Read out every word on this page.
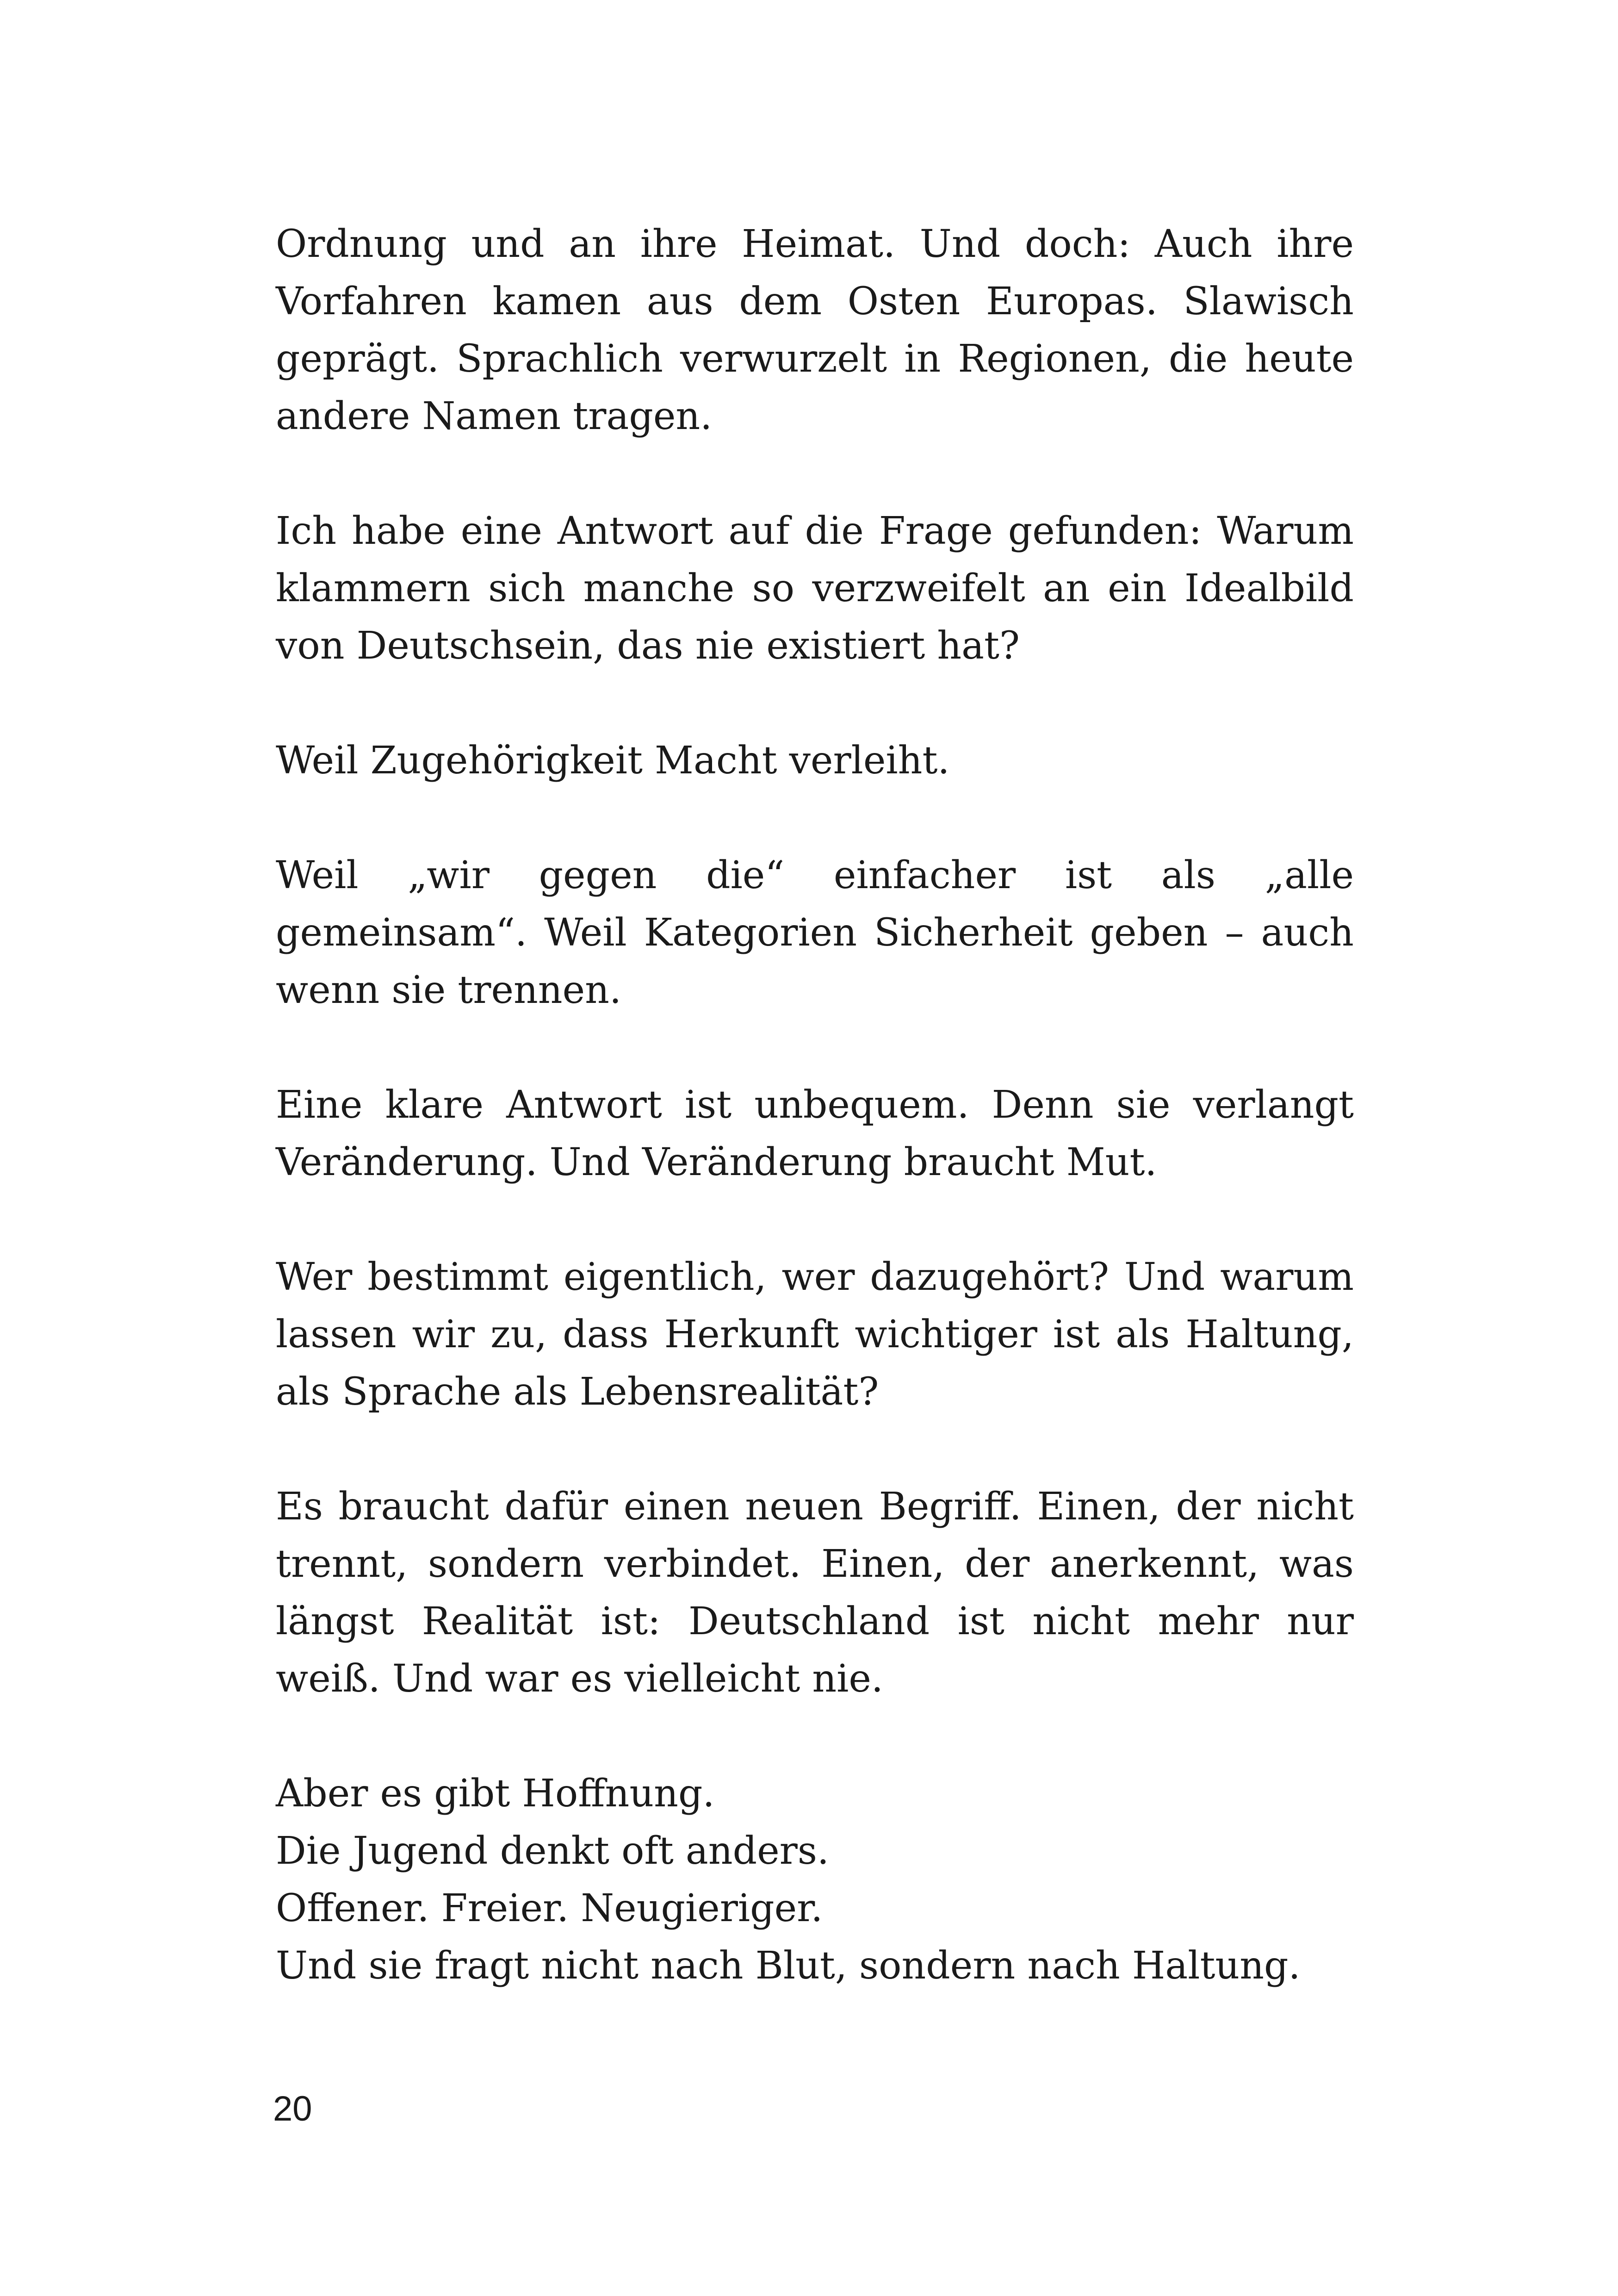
Ordnung und an ihre Heimat. Und doch: Auch ihre Vorfahren kamen aus dem Osten Europas. Slawisch geprägt. Sprachlich verwurzelt in Regionen, die heute andere Namen tragen.

Ich habe eine Antwort auf die Frage gefunden: Warum klammern sich manche so verzweifelt an ein Idealbild von Deutschsein, das nie existiert hat?

Weil Zugehörigkeit Macht verleiht.

Weil „wir gegen die“ einfacher ist als „alle gemeinsam“. Weil Kategorien Sicherheit geben – auch wenn sie trennen.

Eine klare Antwort ist unbequem. Denn sie verlangt Veränderung. Und Veränderung braucht Mut.

Wer bestimmt eigentlich, wer dazugehört? Und warum lassen wir zu, dass Herkunft wichtiger ist als Haltung, als Sprache als Lebensrealität?

Es braucht dafür einen neuen Begriff. Einen, der nicht trennt, sondern verbindet. Einen, der anerkennt, was längst Realität ist: Deutschland ist nicht mehr nur weiß. Und war es vielleicht nie.

Aber es gibt Hoffnung.
Die Jugend denkt oft anders.
Offener. Freier. Neugieriger.
Und sie fragt nicht nach Blut, sondern nach Haltung.
20
